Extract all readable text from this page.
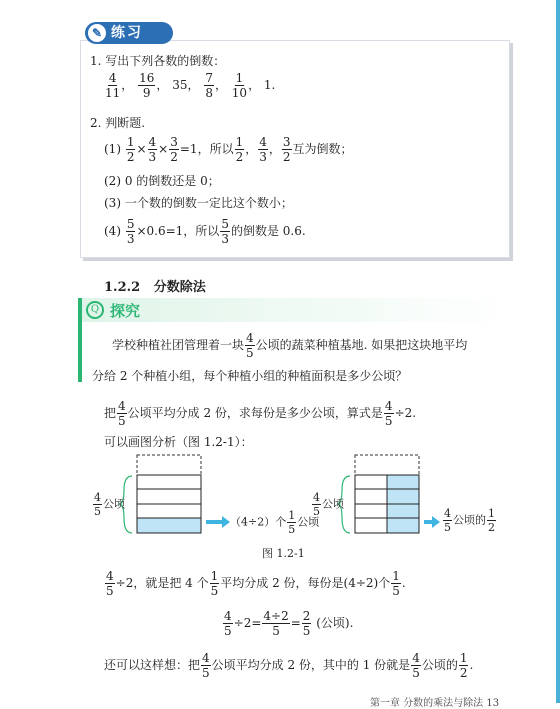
✎ 练习
1. 写出下列各数的倒数：
$\frac{4}{11}$ ， $\frac{16}{9}$ ， 35， $\frac{7}{8}$ ， $\frac{1}{10}$ ， 1.
2. 判断题.
$(1) \frac{1}{2} \times \frac{4}{3} \times \frac{3}{2} =1$，所以 $\frac{1}{2}$ ， $\frac{4}{3}$ ， $\frac{3}{2}$ 互为倒数；
(2) 0 的倒数还是 0；
(3) 一个数的倒数一定比这个数小；
$(4) \frac{5}{3} \times 0.6=1$，所以 $\frac{5}{3}$ 的倒数是 0.6.
1.2.2 分数除法
Q 探究
学校种植社团管理着一块 $\frac{4}{5}$ 公顷的蔬菜种植基地. 如果把这块地平均
分给 2 个种植小组，每个种植小组的种植面积是多少公顷？
把 $\frac{4}{5}$ 公顷平均分成 2 份，求每份是多少公顷，算式是 $\frac{4}{5} \div 2$.
可以画图分析（图 1.2-1）：
$\frac{4}{5}$ 公顷
（4÷2）个 $\frac{1}{5}$ 公顷
$\frac{4}{5}$ 公顷
$\frac{4}{5}$ 公顷的 $\frac{1}{2}$
图 1.2-1
$\frac{4}{5} \div 2$，就是把 4 个 $\frac{1}{5}$ 平均分成 2 份，每份是(4÷2)个 $\frac{1}{5}$ .
$\frac{4}{5} \div 2= \frac{4\div 2}{5} = \frac{2}{5}$ (公顷).
还可以这样想：把 $\frac{4}{5}$ 公顷平均分成 2 份，其中的 1 份就是 $\frac{4}{5}$ 公顷的 $\frac{1}{2}$ .
第一章 分数的乘法与除法 13
